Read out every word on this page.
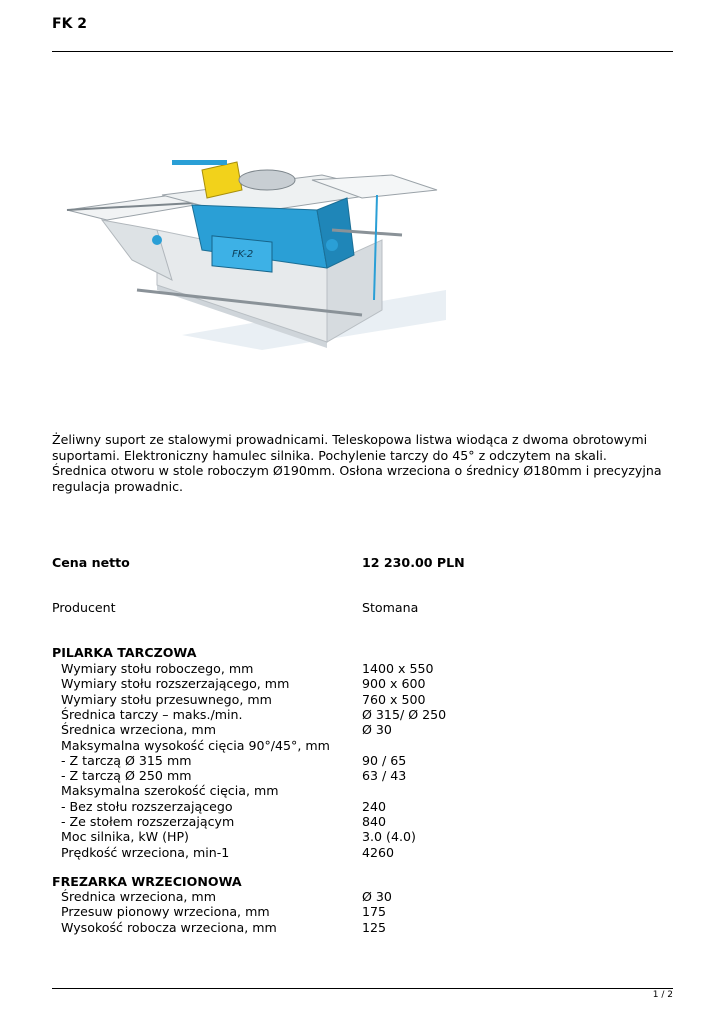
FK 2
FK-2
Żeliwny suport ze stalowymi prowadnicami. Teleskopowa listwa wiodąca z dwoma obrotowymi suportami. Elektroniczny hamulec silnika. Pochylenie tarczy do 45° z odczytem na skali. Średnica otworu w stole roboczym Ø190mm. Osłona wrzeciona o średnicy Ø180mm i precyzyjna regulacja prowadnic.
Cena netto	12 230.00 PLN
Producent	Stomana
PILARKA TARCZOWA
Wymiary stołu roboczego, mm	1400 x 550
Wymiary stołu rozszerzającego, mm	900 x 600
Wymiary stołu przesuwnego, mm	760 x 500
Średnica tarczy – maks./min.	Ø 315/ Ø 250
Średnica wrzeciona, mm	Ø 30
Maksymalna wysokość cięcia 90°/45°, mm
- Z tarczą Ø 315 mm	90 / 65
- Z tarczą Ø 250 mm	63 / 43
Maksymalna szerokość cięcia, mm
- Bez stołu rozszerzającego	240
- Ze stołem rozszerzającym	840
Moc silnika, kW (HP)	3.0 (4.0)
Prędkość wrzeciona, min-1	4260
FREZARKA WRZECIONOWA
Średnica wrzeciona, mm	Ø 30
Przesuw pionowy wrzeciona, mm	175
Wysokość robocza wrzeciona, mm	125
1 / 2
